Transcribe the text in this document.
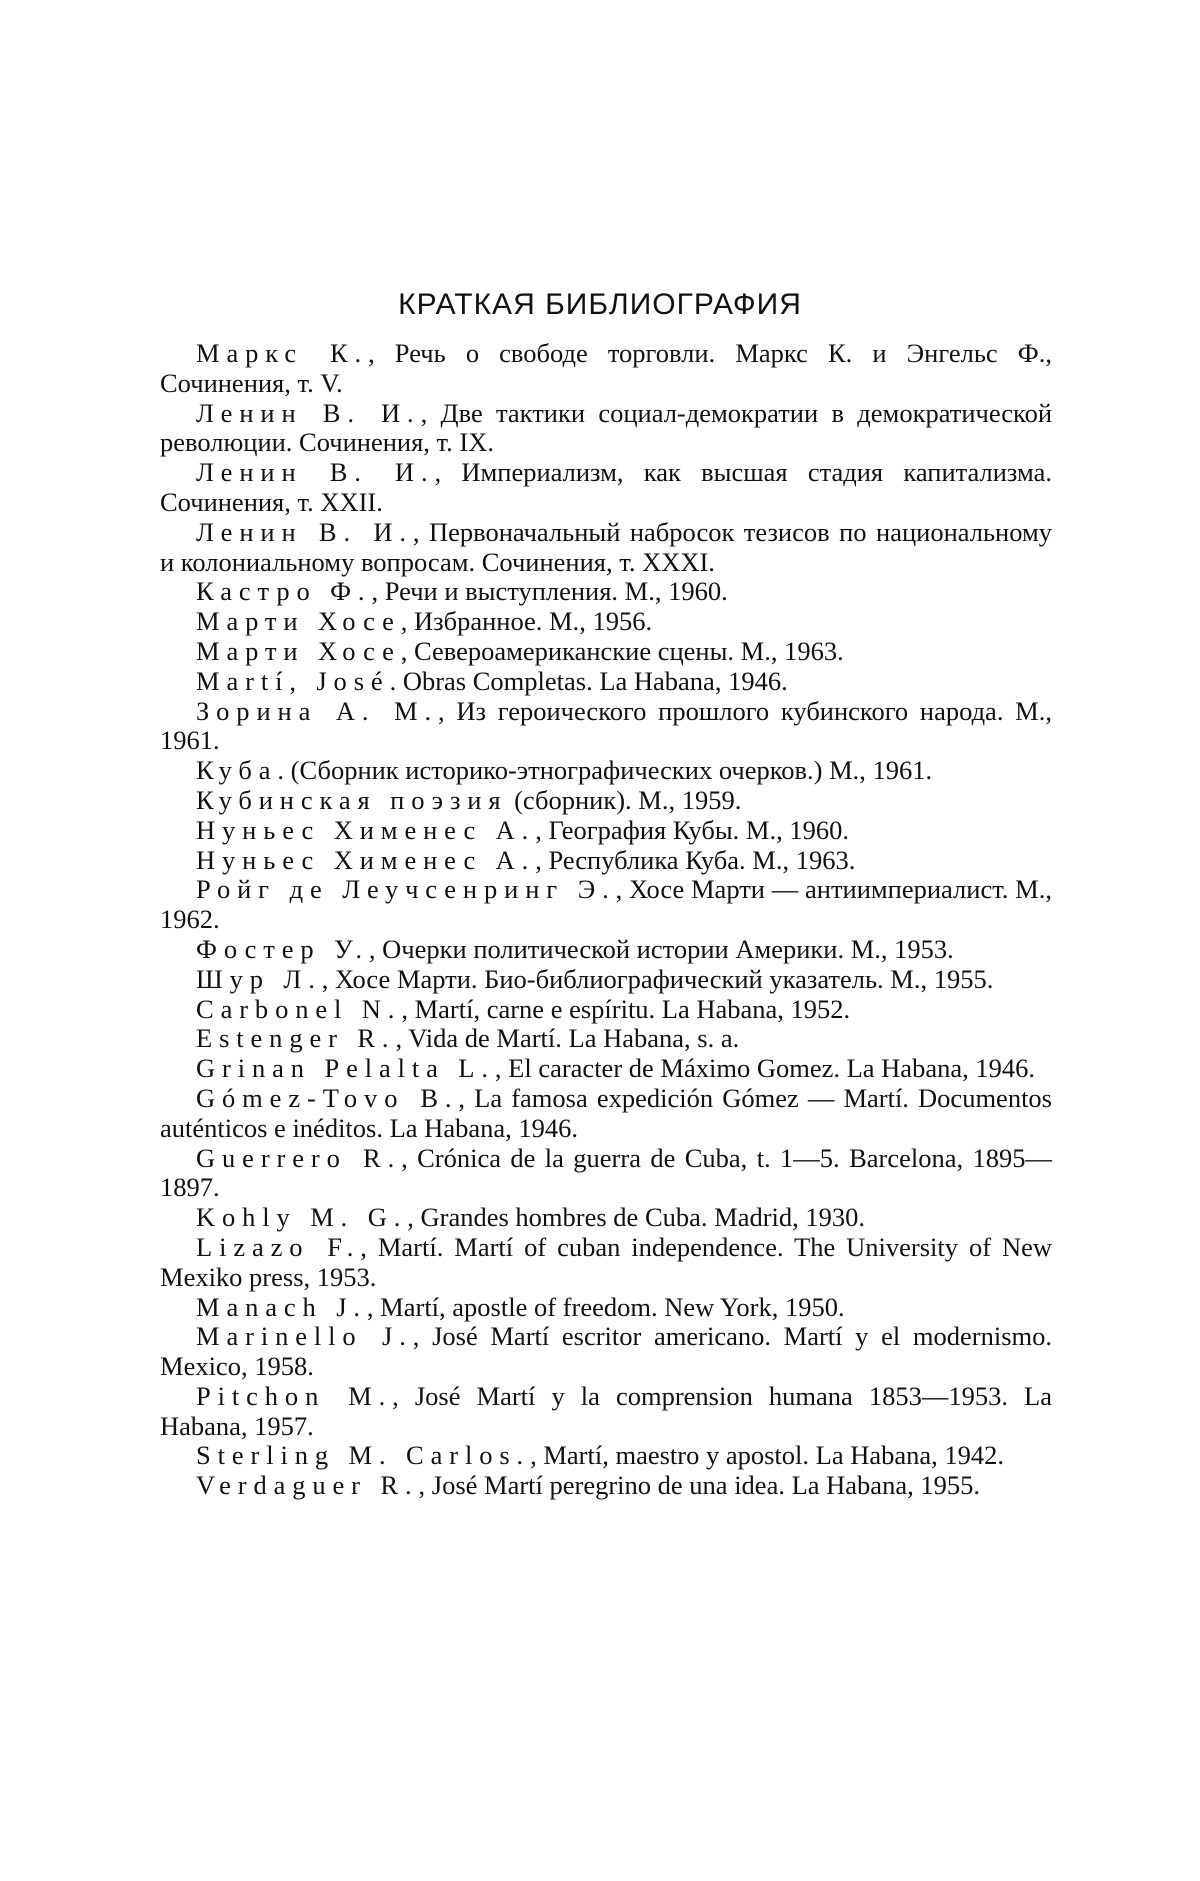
КРАТКАЯ БИБЛИОГРАФИЯ
Маркс К., Речь о свободе торговли. Маркс К. и Энгельс Ф., Сочинения, т. V.
Ленин В. И., Две тактики социал-демократии в демократической революции. Сочинения, т. IX.
Ленин В. И., Империализм, как высшая стадия капитализма. Сочинения, т. XXII.
Ленин В. И., Первоначальный набросок тезисов по национальному и колониальному вопросам. Сочинения, т. XXXI.
Кастро Ф., Речи и выступления. М., 1960.
Марти Хосе, Избранное. М., 1956.
Марти Хосе, Североамериканские сцены. М., 1963.
Martí, José. Obras Completas. La Habana, 1946.
Зорина А. М., Из героического прошлого кубинского народа. М., 1961.
Куба. (Сборник историко-этнографических очерков.) М., 1961.
Кубинская поэзия (сборник). М., 1959.
Нуньес Хименес А., География Кубы. М., 1960.
Нуньес Хименес А., Республика Куба. М., 1963.
Ройг де Леучсенринг Э., Хосе Марти — антиимпериалист. М., 1962.
Фостер У., Очерки политической истории Америки. М., 1953.
Шур Л., Хосе Марти. Био-библиографический указатель. М., 1955.
Carbonel N., Martí, carne e espíritu. La Habana, 1952.
Estenger R., Vida de Martí. La Habana, s. a.
Grinan Pelalta L., El caracter de Máximo Gomez. La Habana, 1946.
Gómez-Tovo B., La famosa expedición Gómez — Martí. Documentos auténticos e inéditos. La Habana, 1946.
Guerrero R., Crónica de la guerra de Cuba, t. 1—5. Barcelona, 1895—1897.
Kohly M. G., Grandes hombres de Cuba. Madrid, 1930.
Lizazo F., Martí. Martí of cuban independence. The University of New Mexiko press, 1953.
Manach J., Martí, apostle of freedom. New York, 1950.
Marinello J., José Martí escritor americano. Martí y el modernismo. Mexico, 1958.
Pitchon M., José Martí y la comprension humana 1853—1953. La Habana, 1957.
Sterling M. Carlos., Martí, maestro y apostol. La Habana, 1942.
Verdaguer R., José Martí peregrino de una idea. La Habana, 1955.
